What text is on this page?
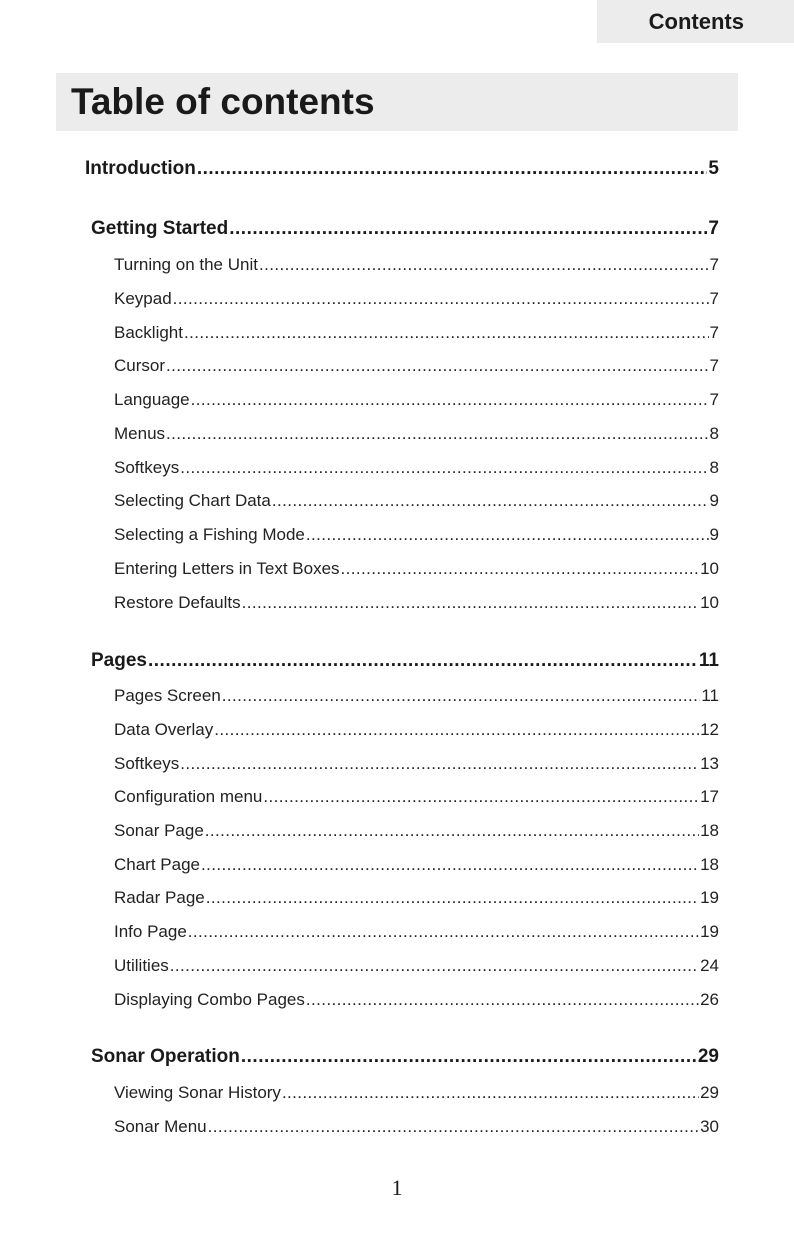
Contents
Table of contents
Introduction .....	5
Getting Started .....	7
Turning on the Unit .....	7
Keypad .....	7
Backlight .....	7
Cursor .....	7
Language .....	7
Menus .....	8
Softkeys .....	8
Selecting Chart Data .....	9
Selecting a Fishing Mode .....	9
Entering Letters in Text Boxes .....	10
Restore Defaults .....	10
Pages .....	11
Pages Screen .....	11
Data Overlay .....	12
Softkeys .....	13
Configuration menu .....	17
Sonar Page .....	18
Chart Page .....	18
Radar Page .....	19
Info Page .....	19
Utilities .....	24
Displaying Combo Pages .....	26
Sonar Operation .....	29
Viewing Sonar History .....	29
Sonar Menu .....	30
1
